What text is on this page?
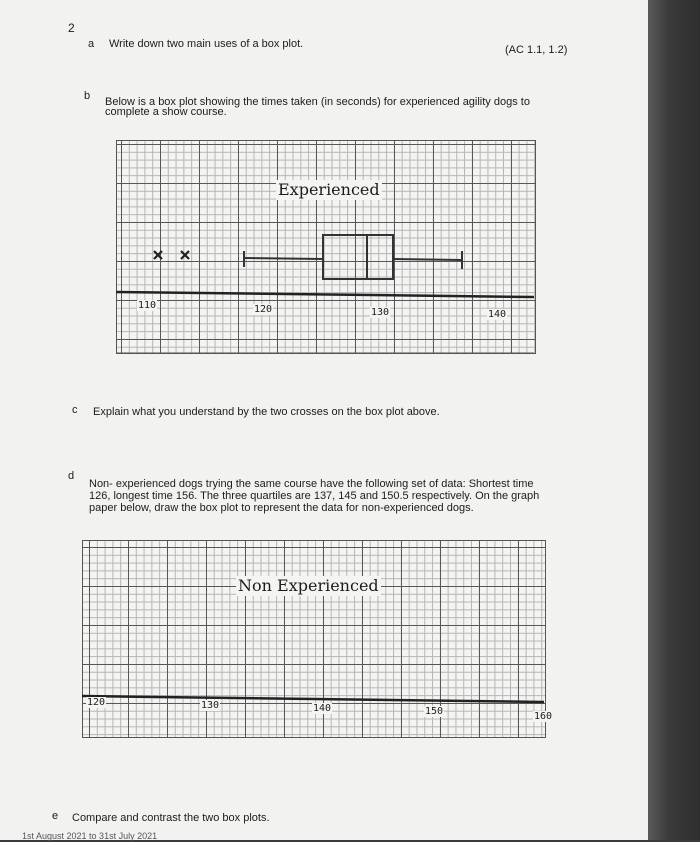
2
a Write down two main uses of a box plot.	(AC 1.1, 1.2)
b Below is a box plot showing the times taken (in seconds) for experienced agility dogs to
complete a show course.
Experienced
110	120	130	140
c Explain what you understand by the two crosses on the box plot above.
d
Non- experienced dogs trying the same course have the following set of data: Shortest time
126, longest time 156. The three quartiles are 137, 145 and 150.5 respectively. On the graph
paper below, draw the box plot to represent the data for non-experienced dogs.
Non Experienced
120	130	140	150	160
e Compare and contrast the two box plots.
1st August 2021 to 31st July 2021
